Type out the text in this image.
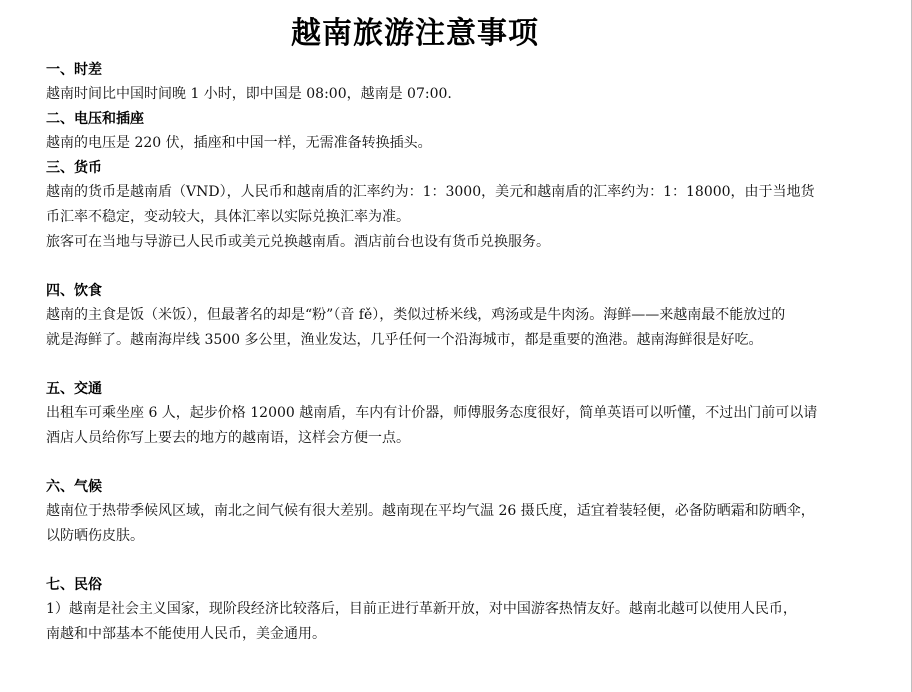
越南旅游注意事项
一、时差
越南时间比中国时间晚 1 小时，即中国是 08:00，越南是 07:00.
二、电压和插座
越南的电压是 220 伏，插座和中国一样，无需准备转换插头。
三、货币
越南的货币是越南盾（VND），人民币和越南盾的汇率约为：1：3000，美元和越南盾的汇率约为：1：18000，由于当地货
币汇率不稳定，变动较大，具体汇率以实际兑换汇率为准。
旅客可在当地与导游已人民币或美元兑换越南盾。酒店前台也设有货币兑换服务。
四、饮食
越南的主食是饭（米饭），但最著名的却是“粉”（音 fě），类似过桥米线，鸡汤或是牛肉汤。海鲜——来越南最不能放过的
就是海鲜了。越南海岸线 3500 多公里，渔业发达，几乎任何一个沿海城市，都是重要的渔港。越南海鲜很是好吃。
五、交通
出租车可乘坐座 6 人，起步价格 12000 越南盾，车内有计价器，师傅服务态度很好，简单英语可以听懂，不过出门前可以请
酒店人员给你写上要去的地方的越南语，这样会方便一点。
六、气候
越南位于热带季候风区域，南北之间气候有很大差别。越南现在平均气温 26 摄氏度，适宜着装轻便，必备防晒霜和防晒伞，
以防晒伤皮肤。
七、民俗
1）越南是社会主义国家，现阶段经济比较落后，目前正进行革新开放，对中国游客热情友好。越南北越可以使用人民币，
南越和中部基本不能使用人民币，美金通用。
